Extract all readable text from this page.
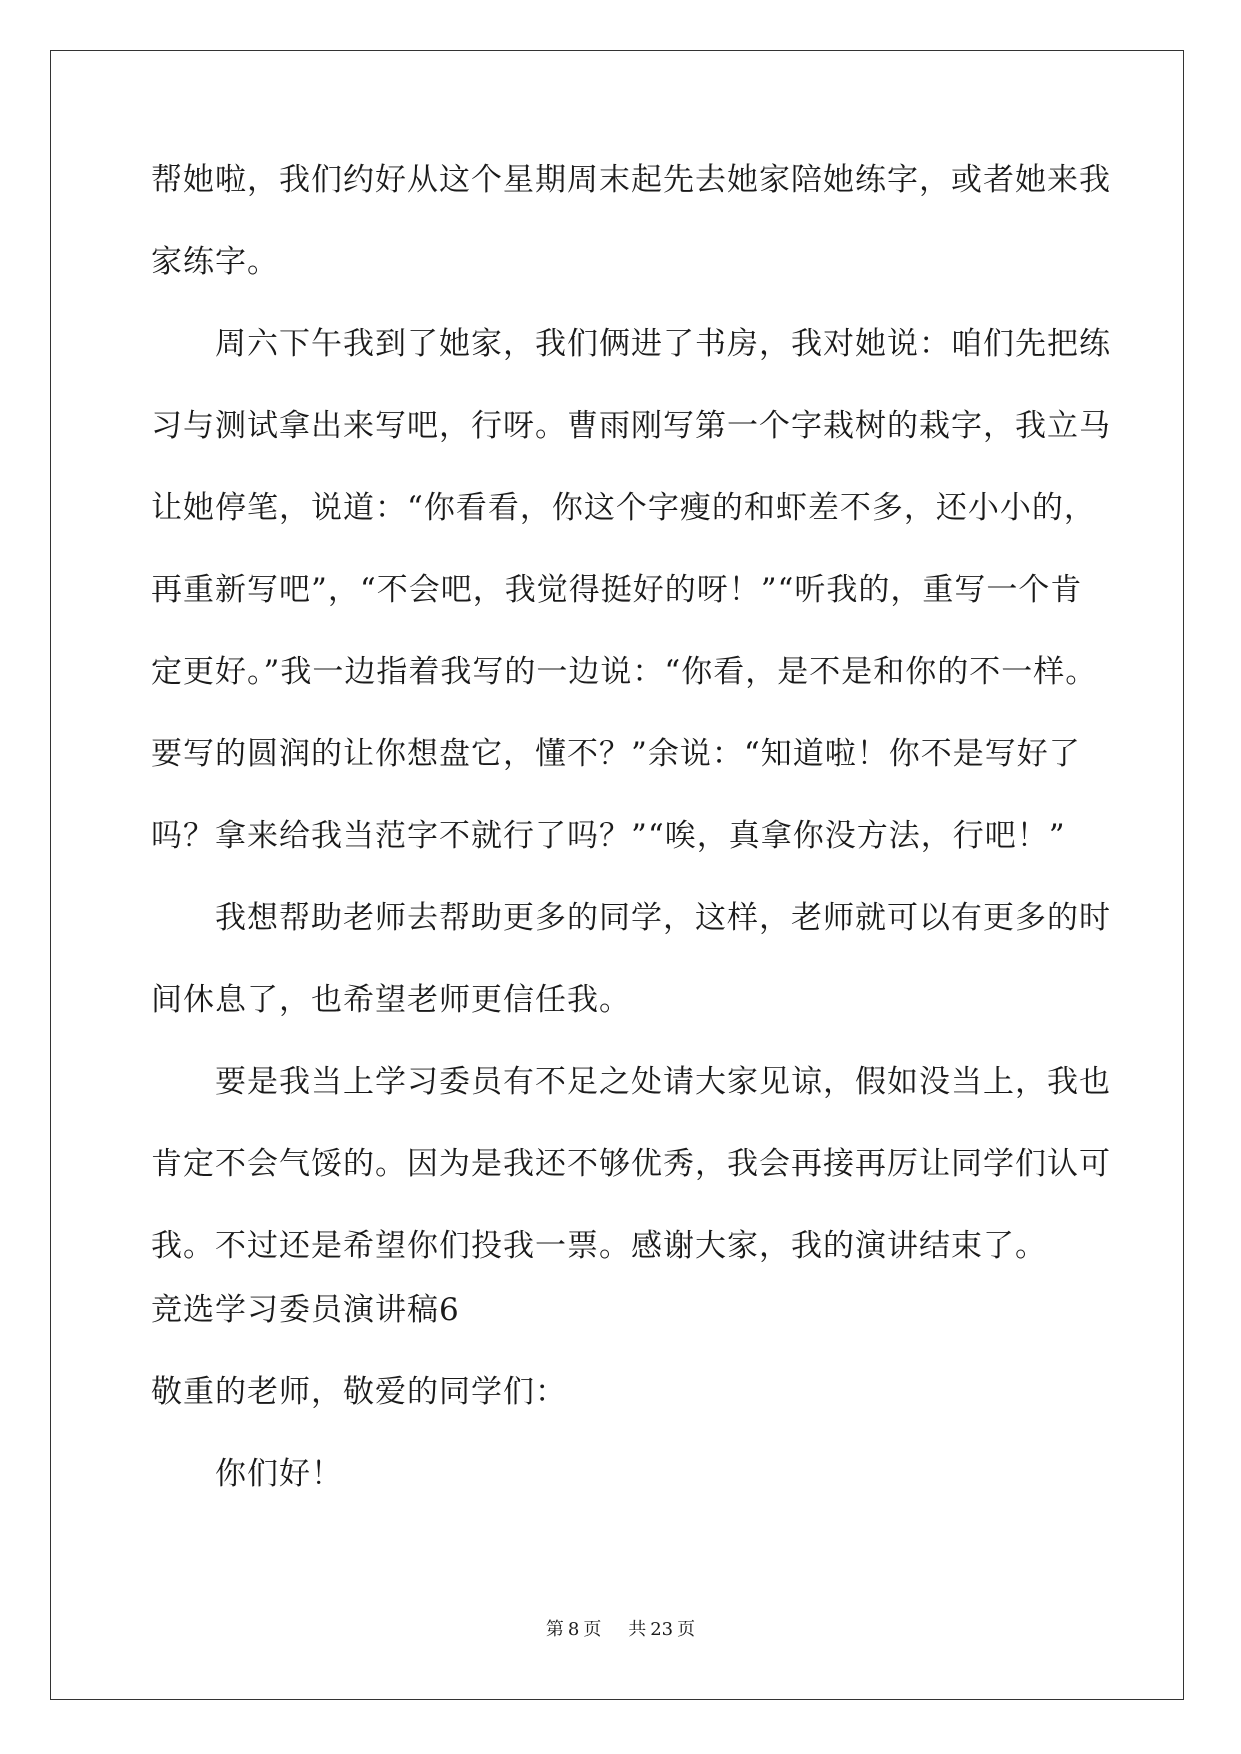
帮她啦，我们约好从这个星期周末起先去她家陪她练字，或者她来我
家练字。
周六下午我到了她家，我们俩进了书房，我对她说：咱们先把练
习与测试拿出来写吧，行呀。曹雨刚写第一个字栽树的栽字，我立马
让她停笔，说道：“你看看，你这个字瘦的和虾差不多，还小小的，
再重新写吧”，“不会吧，我觉得挺好的呀！”“听我的，重写一个肯
定更好。”我一边指着我写的一边说：“你看，是不是和你的不一样。
要写的圆润的让你想盘它，懂不？”余说：“知道啦！你不是写好了
吗？拿来给我当范字不就行了吗？”“唉，真拿你没方法，行吧！”
我想帮助老师去帮助更多的同学，这样，老师就可以有更多的时
间休息了，也希望老师更信任我。
要是我当上学习委员有不足之处请大家见谅，假如没当上，我也
肯定不会气馁的。因为是我还不够优秀，我会再接再厉让同学们认可
我。不过还是希望你们投我一票。感谢大家，我的演讲结束了。
竞选学习委员演讲稿6
敬重的老师，敬爱的同学们：
你们好！
第 8 页 共 23 页
